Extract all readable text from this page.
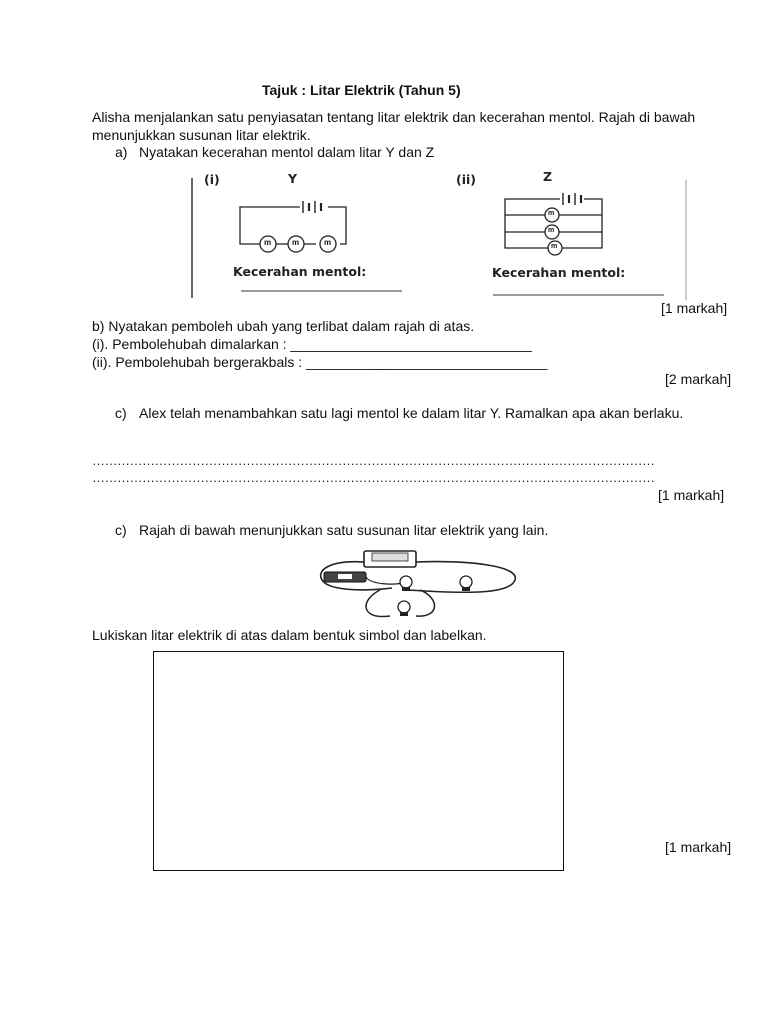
Tajuk : Litar Elektrik (Tahun 5)
Alisha menjalankan satu penyiasatan tentang litar elektrik dan kecerahan mentol. Rajah di bawah
menunjukkan susunan litar elektrik.
a) Nyatakan kecerahan mentol dalam litar Y dan Z
(i)	Y
m	m	m
Kecerahan mentol:
(ii)	Z
m
m
m
Kecerahan mentol:
[1 markah]
b) Nyatakan pemboleh ubah yang terlibat dalam rajah di atas.
(i). Pembolehubah dimalarkan : _______________________________
(ii). Pembolehubah bergerakbals : _______________________________
[2 markah]
c) Alex telah menambahkan satu lagi mentol ke dalam litar Y. Ramalkan apa akan berlaku.
………………………………………………………………………………………………………………………
………………………………………………………………………………………………………………………
[1 markah]
c) Rajah di bawah menunjukkan satu susunan litar elektrik yang lain.
Lukiskan litar elektrik di atas dalam bentuk simbol dan labelkan.
[1 markah]
